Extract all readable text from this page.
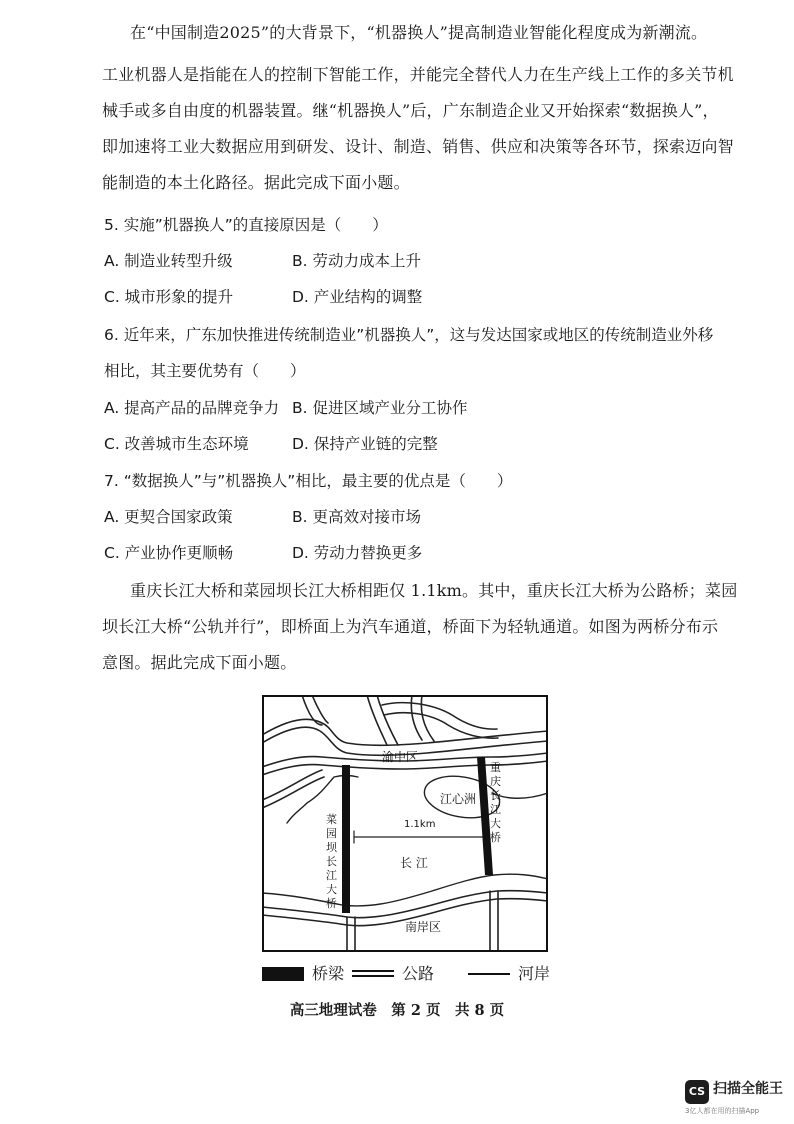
在“中国制造2025”的大背景下，“机器换人”提高制造业智能化程度成为新潮流。
工业机器人是指能在人的控制下智能工作，并能完全替代人力在生产线上工作的多关节机
械手或多自由度的机器装置。继“机器换人”后，广东制造企业又开始探索“数据换人”，
即加速将工业大数据应用到研发、设计、制造、销售、供应和决策等各环节，探索迈向智
能制造的本土化路径。据此完成下面小题。
5. 实施”机器换人”的直接原因是（　　）
A. 制造业转型升级	B. 劳动力成本上升
C. 城市形象的提升	D. 产业结构的调整
6. 近年来，广东加快推进传统制造业”机器换人”，这与发达国家或地区的传统制造业外移
相比，其主要优势有（　　）
A. 提高产品的品牌竞争力 B. 促进区域产业分工协作
C. 改善城市生态环境	D. 保持产业链的完整
7. “数据换人”与”机器换人”相比，最主要的优点是（　　）
A. 更契合国家政策	B. 更高效对接市场
C. 产业协作更顺畅	D. 劳动力替换更多
重庆长江大桥和菜园坝长江大桥相距仅 1.1km。其中，重庆长江大桥为公路桥；菜园
坝长江大桥“公轨并行”，即桥面上为汽车通道，桥面下为轻轨通道。如图为两桥分布示
意图。据此完成下面小题。
渝中区
南岸区
江心洲
长 江
1.1km
菜园坝长江大桥
重庆长江大桥
桥梁	公路	河岸
高三地理试卷　第 2 页　共 8 页
CS 扫描全能王
3亿人都在用的扫描App
